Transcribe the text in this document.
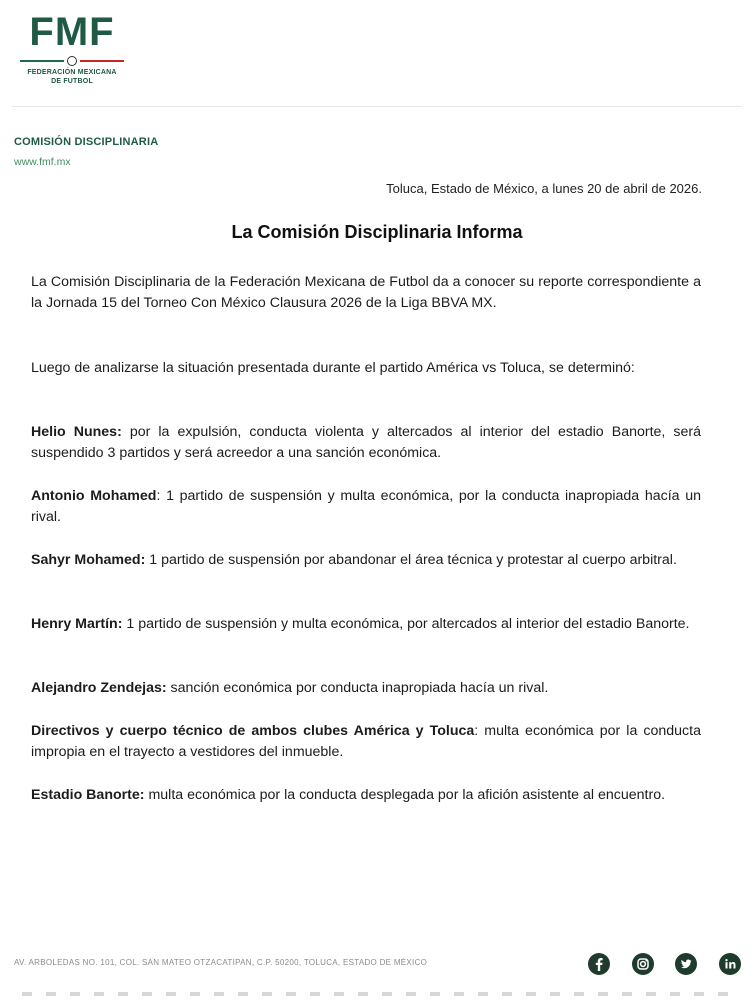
FMF
FEDERACIÓN MEXICANA
DE FUTBOL
COMISIÓN DISCIPLINARIA
www.fmf.mx
Toluca, Estado de México, a lunes 20 de abril de 2026.
La Comisión Disciplinaria Informa

La Comisión Disciplinaria de la Federación Mexicana de Futbol da a conocer su reporte correspondiente a la Jornada 15 del Torneo Con México Clausura 2026 de la Liga BBVA MX.

Luego de analizarse la situación presentada durante el partido América vs Toluca, se determinó:

Helio Nunes: por la expulsión, conducta violenta y altercados al interior del estadio Banorte, será suspendido 3 partidos y será acreedor a una sanción económica.

Antonio Mohamed: 1 partido de suspensión y multa económica, por la conducta inapropiada hacía un rival.

Sahyr Mohamed: 1 partido de suspensión por abandonar el área técnica y protestar al cuerpo arbitral.

Henry Martín: 1 partido de suspensión y multa económica, por altercados al interior del estadio Banorte.

Alejandro Zendejas: sanción económica por conducta inapropiada hacía un rival.

Directivos y cuerpo técnico de ambos clubes América y Toluca: multa económica por la conducta impropia en el trayecto a vestidores del inmueble.

Estadio Banorte: multa económica por la conducta desplegada por la afición asistente al encuentro.

AV. ARBOLEDAS NO. 101, COL. SAN MATEO OTZACATIPAN, C.P. 50200, TOLUCA, ESTADO DE MÉXICO
